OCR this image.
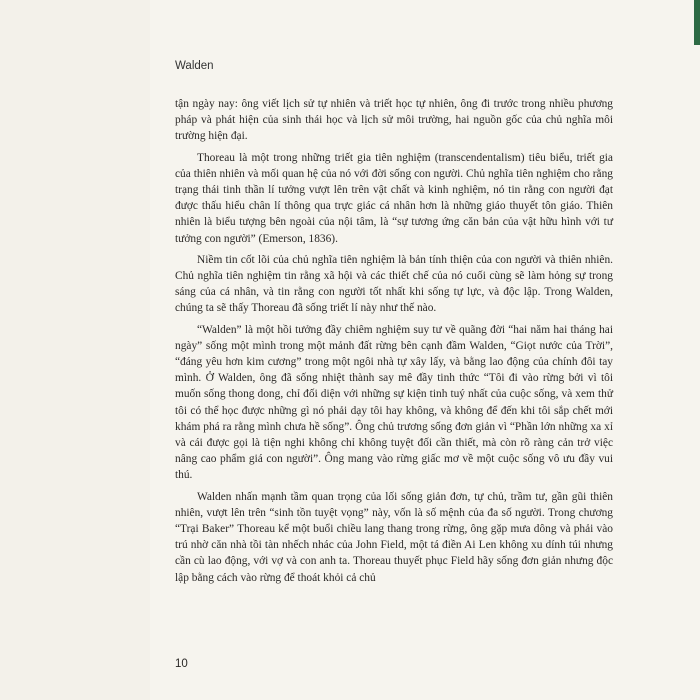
Walden

tận ngày nay: ông viết lịch sử tự nhiên và triết học tự nhiên, ông đi trước trong nhiều phương pháp và phát hiện của sinh thái học và lịch sử môi trường, hai nguồn gốc của chủ nghĩa môi trường hiện đại.

Thoreau là một trong những triết gia tiên nghiệm (transcendentalism) tiêu biểu, triết gia của thiên nhiên và mối quan hệ của nó với đời sống con người. Chủ nghĩa tiên nghiệm cho rằng trạng thái tinh thần lí tưởng vượt lên trên vật chất và kinh nghiệm, nó tin rằng con người đạt được thấu hiểu chân lí thông qua trực giác cá nhân hơn là những giáo thuyết tôn giáo. Thiên nhiên là biểu tượng bên ngoài của nội tâm, là “sự tương ứng căn bản của vật hữu hình với tư tưởng con người” (Emerson, 1836).

Niềm tin cốt lõi của chủ nghĩa tiên nghiệm là bản tính thiện của con người và thiên nhiên. Chủ nghĩa tiên nghiệm tin rằng xã hội và các thiết chế của nó cuối cùng sẽ làm hỏng sự trong sáng của cá nhân, và tin rằng con người tốt nhất khi sống tự lực, và độc lập. Trong Walden, chúng ta sẽ thấy Thoreau đã sống triết lí này như thế nào.

“Walden” là một hồi tưởng đầy chiêm nghiệm suy tư về quãng đời “hai năm hai tháng hai ngày” sống một mình trong một mảnh đất rừng bên cạnh đầm Walden, “Giọt nước của Trời”, “đáng yêu hơn kim cương” trong một ngôi nhà tự xây lấy, và bằng lao động của chính đôi tay mình. Ở Walden, ông đã sống nhiệt thành say mê đầy tinh thức “Tôi đi vào rừng bởi vì tôi muốn sống thong dong, chỉ đối diện với những sự kiện tinh tuý nhất của cuộc sống, và xem thử tôi có thể học được những gì nó phải dạy tôi hay không, và không để đến khi tôi sắp chết mới khám phá ra rằng mình chưa hề sống”. Ông chủ trương sống đơn giản vì “Phần lớn những xa xỉ và cái được gọi là tiện nghi không chỉ không tuyệt đối cần thiết, mà còn rõ ràng cản trở việc nâng cao phẩm giá con người”. Ông mang vào rừng giấc mơ về một cuộc sống vô ưu đầy vui thú.

Walden nhấn mạnh tầm quan trọng của lối sống giản đơn, tự chủ, trầm tư, gần gũi thiên nhiên, vượt lên trên “sinh tồn tuyệt vọng” này, vốn là số mệnh của đa số người. Trong chương “Trại Baker” Thoreau kể một buổi chiều lang thang trong rừng, ông gặp mưa dông và phải vào trú nhờ căn nhà tồi tàn nhếch nhác của John Field, một tá điền Ai Len không xu dính túi nhưng cần cù lao động, với vợ và con anh ta. Thoreau thuyết phục Field hãy sống đơn giản nhưng độc lập bằng cách vào rừng để thoát khỏi cả chủ

10
